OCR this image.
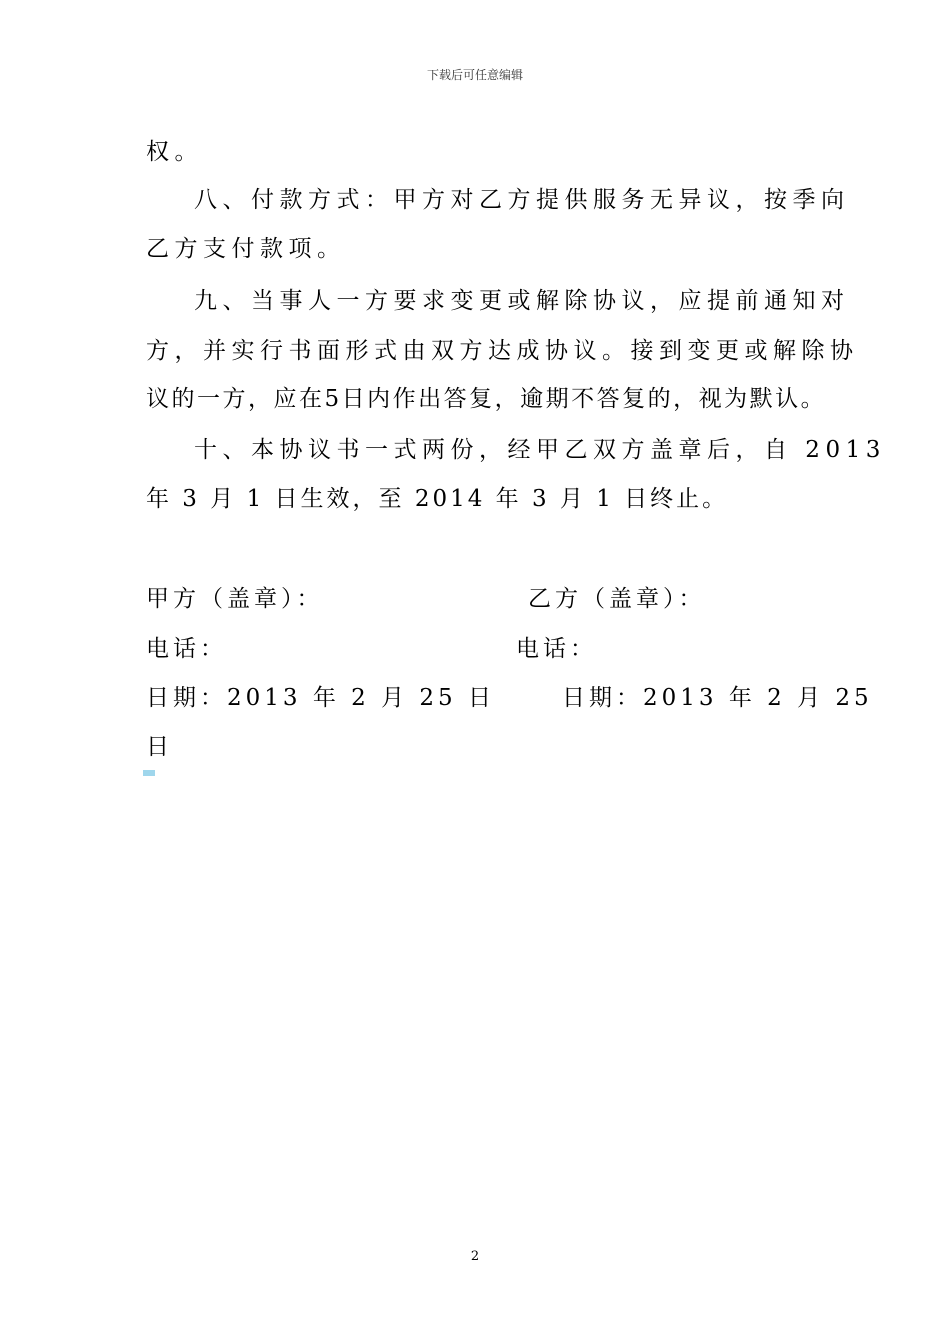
下载后可任意编辑
权。
八、付款方式：甲方对乙方提供服务无异议，按季向
乙方支付款项。
九、当事人一方要求变更或解除协议，应提前通知对
方，并实行书面形式由双方达成协议。接到变更或解除协
议的一方，应在5日内作出答复，逾期不答复的，视为默认。
十、本协议书一式两份，经甲乙双方盖章后，自 2013
年 3 月 1 日生效，至 2014 年 3 月 1 日终止。
甲方（盖章）：	乙方（盖章）：
电话：	电话：
日期：2013 年 2 月 25 日	日期：2013 年 2 月 25
日
2
